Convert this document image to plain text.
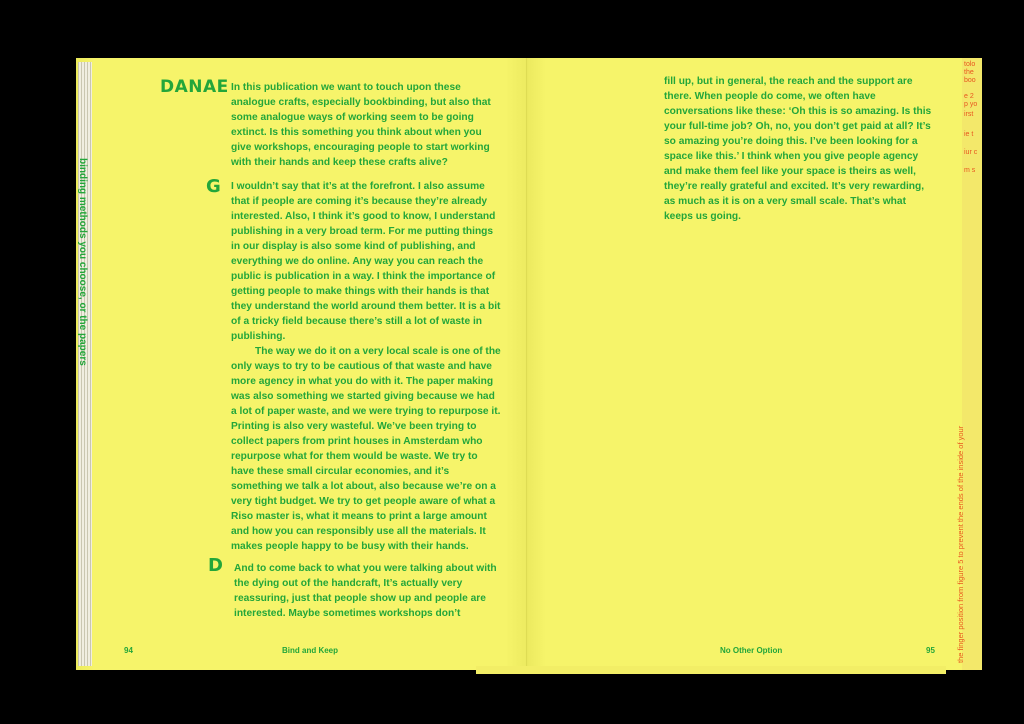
binding methods you choose, or the papers
DANAE In this publication we want to touch upon these analogue crafts, especially bookbinding, but also that some analogue ways of working seem to be going extinct. Is this something you think about when you give workshops, encouraging people to start working with their hands and keep these crafts alive?

G I wouldn’t say that it’s at the forefront. I also assume that if people are coming it’s because they’re already interested. Also, I think it’s good to know, I understand publishing in a very broad term. For me putting things in our display is also some kind of publishing, and everything we do online. Any way you can reach the public is publication in a way. I think the importance of getting people to make things with their hands is that they understand the world around them better. It is a bit of a tricky field because there’s still a lot of waste in publishing.

The way we do it on a very local scale is one of the only ways to try to be cautious of that waste and have more agency in what you do with it. The paper making was also something we started giving because we had a lot of paper waste, and we were trying to repurpose it. Printing is also very wasteful. We’ve been trying to collect papers from print houses in Amsterdam who repurpose what for them would be waste. We try to have these small circular economies, and it’s something we talk a lot about, also because we’re on a very tight budget. We try to get people aware of what a Riso master is, what it means to print a large amount and how you can responsibly use all the materials. It makes people happy to be busy with their hands.

D And to come back to what you were talking about with the dying out of the handcraft, It’s actually very reassuring, just that people show up and people are interested. Maybe sometimes workshops don’t

94	Bind and Keep

fill up, but in general, the reach and the support are there. When people do come, we often have conversations like these: ‘Oh this is so amazing. Is this your full-time job? Oh, no, you don’t get paid at all? It’s so amazing you’re doing this. I’ve been looking for a space like this.’ I think when you give people agency and make them feel like your space is theirs as well, they’re really grateful and excited. It’s very rewarding, as much as it is on a very small scale. That’s what keeps us going.

No Other Option	95
tolo
the
boo
e 2
p yo
irst
ie t
iur c
m s
the finger position from figure 5 to prevent the ends of the inside of your
